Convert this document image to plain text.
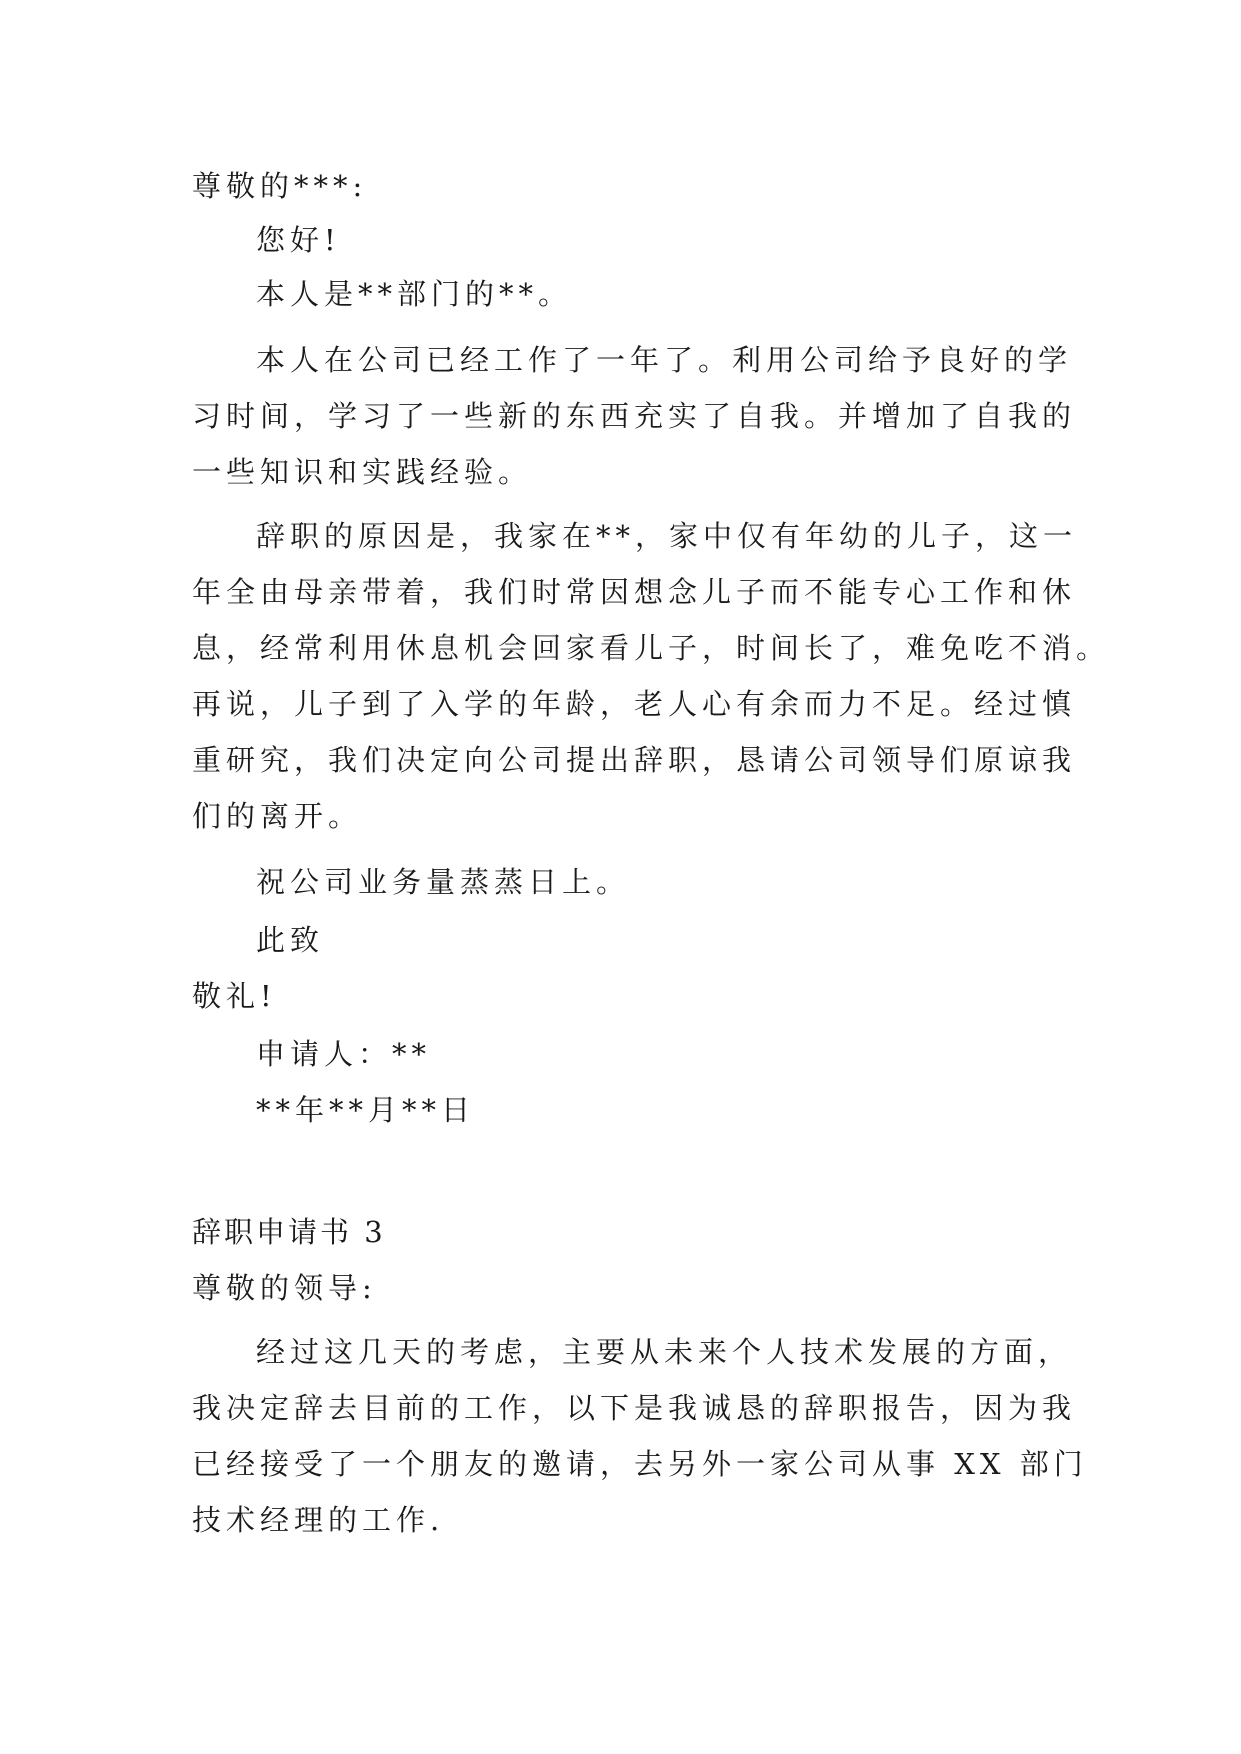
尊敬的***:
您好!
本人是**部门的**。
本人在公司已经工作了一年了。利用公司给予良好的学
习时间，学习了一些新的东西充实了自我。并增加了自我的
一些知识和实践经验。
辞职的原因是，我家在**，家中仅有年幼的儿子，这一
年全由母亲带着，我们时常因想念儿子而不能专心工作和休
息，经常利用休息机会回家看儿子，时间长了，难免吃不消。
再说，儿子到了入学的年龄，老人心有余而力不足。经过慎
重研究，我们决定向公司提出辞职，恳请公司领导们原谅我
们的离开。
祝公司业务量蒸蒸日上。
此致
敬礼!
申请人：**
**年**月**日
辞职申请书 3
尊敬的领导:
经过这几天的考虑，主要从未来个人技术发展的方面，
我决定辞去目前的工作，以下是我诚恳的辞职报告，因为我
已经接受了一个朋友的邀请，去另外一家公司从事 XX 部门
技术经理的工作.
